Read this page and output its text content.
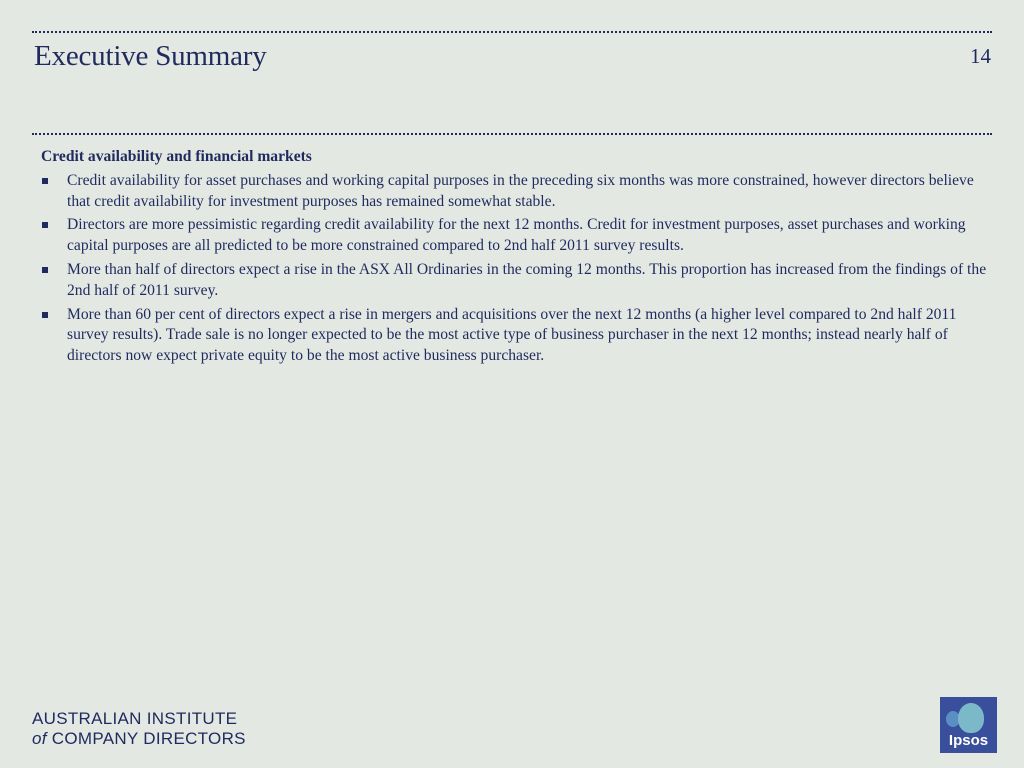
Executive Summary	14
Credit availability and financial markets
Credit availability for asset purchases and working capital purposes in the preceding six months was more constrained, however directors believe that credit availability for investment purposes has remained somewhat stable.
Directors are more pessimistic regarding credit availability for the next 12 months. Credit for investment purposes, asset purchases and working capital purposes are all predicted to be more constrained compared to 2nd half 2011 survey results.
More than half of directors expect a rise in the ASX All Ordinaries in the coming 12 months. This proportion has increased from the findings of the 2nd half of 2011 survey.
More than 60 per cent of directors expect a rise in mergers and acquisitions over the next 12 months (a higher level compared to 2nd half 2011 survey results). Trade sale is no longer expected to be the most active type of business purchaser in the next 12 months; instead nearly half of directors now expect private equity to be the most active business purchaser.
AUSTRALIAN INSTITUTE
of COMPANY DIRECTORS	Ipsos
